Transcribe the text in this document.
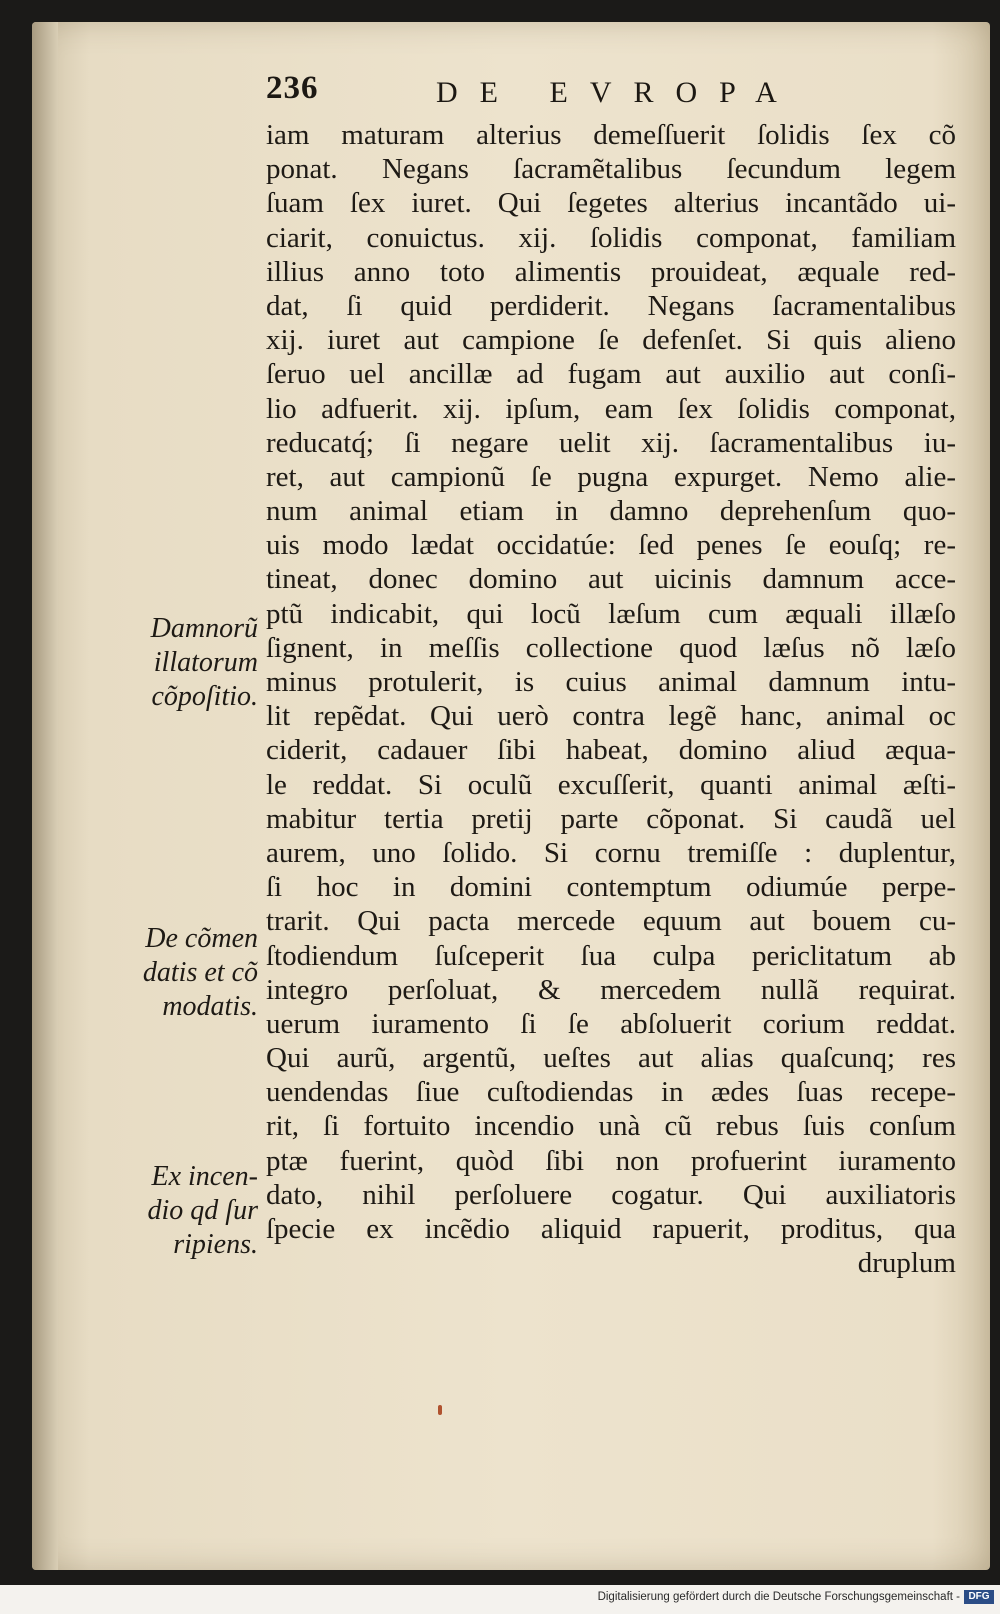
236	DE EVROPA
iam maturam alterius demeſſuerit ſolidis ſex cõ
ponat. Negans ſacramẽtalibus ſecundum legem
ſuam ſex iuret. Qui ſegetes alterius incantãdo ui-
ciarit, conuictus. xij. ſolidis componat, familiam
illius anno toto alimentis prouideat, æquale red-
dat, ſi quid perdiderit. Negans ſacramentalibus
xij. iuret aut campione ſe defenſet. Si quis alieno
ſeruo uel ancillæ ad fugam aut auxilio aut conſi-
lio adfuerit. xij. ipſum, eam ſex ſolidis componat,
reducatq́; ſi negare uelit xij. ſacramentalibus iu-
ret, aut campionũ ſe pugna expurget. Nemo alie-
num animal etiam in damno deprehenſum quo-
uis modo lædat occidatúe: ſed penes ſe eouſq; re-
tineat, donec domino aut uicinis damnum acce-
ptũ indicabit, qui locũ læſum cum æquali illæſo
ſignent, in meſſis collectione quod læſus nõ læſo
minus protulerit, is cuius animal damnum intu-
lit repẽdat. Qui uerò contra legẽ hanc, animal oc
ciderit, cadauer ſibi habeat, domino aliud æqua-
le reddat. Si oculũ excuſſerit, quanti animal æſti-
mabitur tertia pretij parte cõponat. Si caudã uel
aurem, uno ſolido. Si cornu tremiſſe : duplentur,
ſi hoc in domini contemptum odiumúe perpe-
trarit. Qui pacta mercede equum aut bouem cu-
ſtodiendum ſuſceperit ſua culpa periclitatum ab
integro perſoluat, & mercedem nullã requirat.
uerum iuramento ſi ſe abſoluerit corium reddat.
Qui aurũ, argentũ, ueſtes aut alias quaſcunq; res
uendendas ſiue cuſtodiendas in ædes ſuas recepe-
rit, ſi fortuito incendio unà cũ rebus ſuis conſum
ptæ fuerint, quòd ſibi non profuerint iuramento
dato, nihil perſoluere cogatur. Qui auxiliatoris
ſpecie ex incẽdio aliquid rapuerit, proditus, qua
druplum
Damnorũ
illatorum
cõpoſitio.
De cõmen
datis et cõ
modatis.
Ex incen-
dio qd ſur
ripiens.
Digitalisierung gefördert durch die Deutsche Forschungsgemeinschaft - DFG
